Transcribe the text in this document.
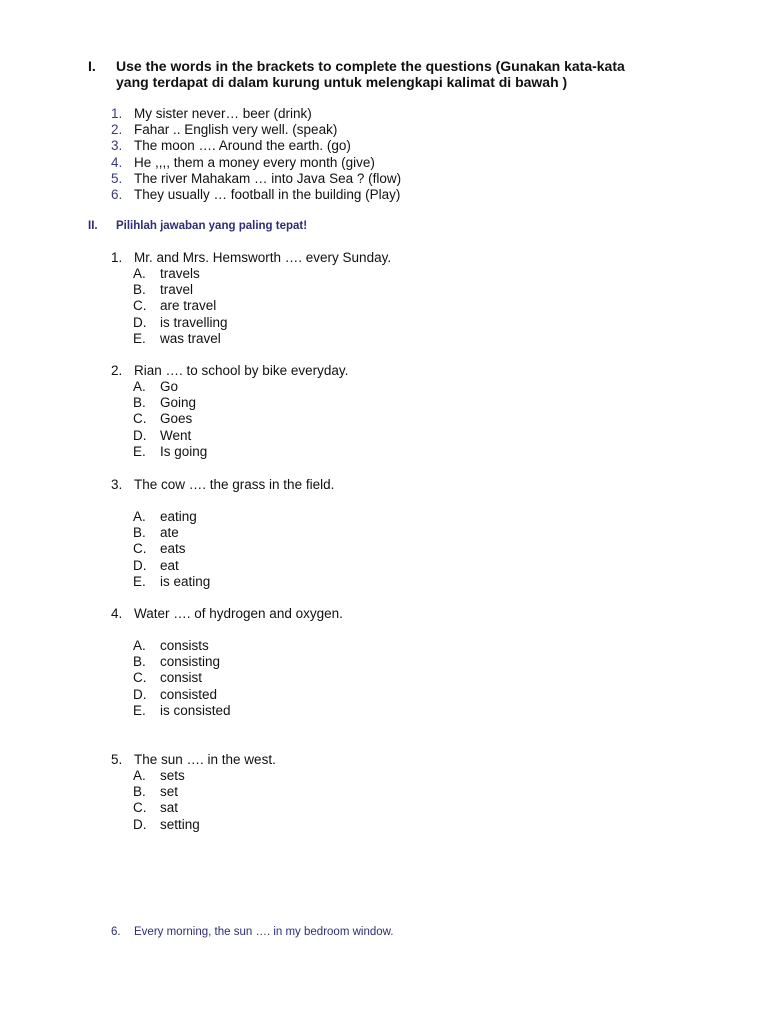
I. Use the words in the brackets to complete the questions (Gunakan kata-kata
yang terdapat di dalam kurung untuk melengkapi kalimat di bawah )
1. My sister never… beer (drink)
2. Fahar .. English very well. (speak)
3. The moon …. Around the earth. (go)
4. He ,,,, them a money every month (give)
5. The river Mahakam … into Java Sea ? (flow)
6. They usually … football in the building (Play)
II. Pilihlah jawaban yang paling tepat!
1. Mr. and Mrs. Hemsworth …. every Sunday.
A. travels
B. travel
C. are travel
D. is travelling
E. was travel
2. Rian …. to school by bike everyday.
A. Go
B. Going
C. Goes
D. Went
E. Is going
3. The cow …. the grass in the field.
A. eating
B. ate
C. eats
D. eat
E. is eating
4. Water …. of hydrogen and oxygen.
A. consists
B. consisting
C. consist
D. consisted
E. is consisted
5. The sun …. in the west.
A. sets
B. set
C. sat
D. setting
6. Every morning, the sun …. in my bedroom window.
